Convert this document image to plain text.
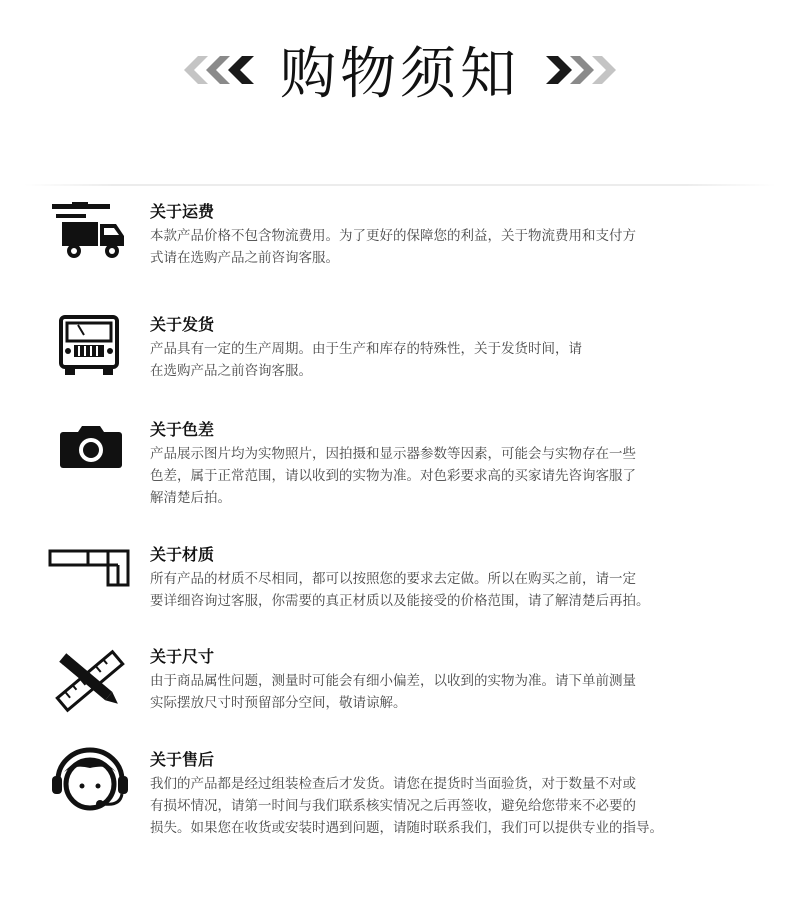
购物须知

关于运费

本款产品价格不包含物流费用。为了更好的保障您的利益，关于物流费用和支付方
式请在选购产品之前咨询客服。

关于发货

产品具有一定的生产周期。由于生产和库存的特殊性，关于发货时间，请
在选购产品之前咨询客服。

关于色差

产品展示图片均为实物照片，因拍摄和显示器参数等因素，可能会与实物存在一些
色差，属于正常范围，请以收到的实物为准。对色彩要求高的买家请先咨询客服了
解清楚后拍。

关于材质

所有产品的材质不尽相同，都可以按照您的要求去定做。所以在购买之前，请一定
要详细咨询过客服，你需要的真正材质以及能接受的价格范围，请了解清楚后再拍。

关于尺寸

由于商品属性问题，测量时可能会有细小偏差，以收到的实物为准。请下单前测量
实际摆放尺寸时预留部分空间，敬请谅解。

关于售后

我们的产品都是经过组装检查后才发货。请您在提货时当面验货，对于数量不对或
有损坏情况，请第一时间与我们联系核实情况之后再签收，避免给您带来不必要的
损失。如果您在收货或安装时遇到问题，请随时联系我们，我们可以提供专业的指导。
